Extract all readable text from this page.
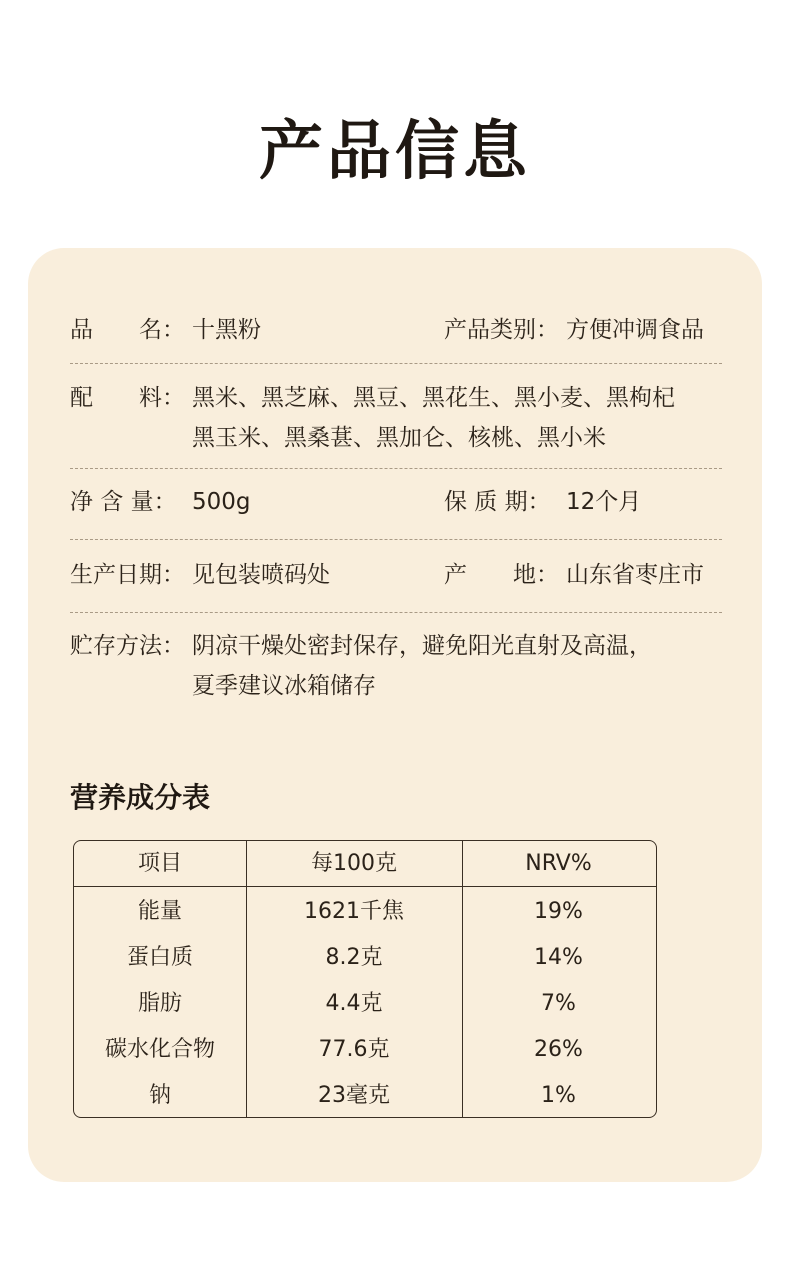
产品信息
品　　名： 十黑粉	产品类别： 方便冲调食品
配　　料： 黑米、黑芝麻、黑豆、黑花生、黑小麦、黑枸杞
黑玉米、黑桑葚、黑加仑、核桃、黑小米
净 含 量： 500g	保 质 期： 12个月
生产日期： 见包装喷码处	产　　地： 山东省枣庄市
贮存方法： 阴凉干燥处密封保存，避免阳光直射及高温，
夏季建议冰箱储存
营养成分表
项目	每100克	NRV%
能量	1621千焦	19%
蛋白质	8.2克	14%
脂肪	4.4克	7%
碳水化合物	77.6克	26%
钠	23毫克	1%
